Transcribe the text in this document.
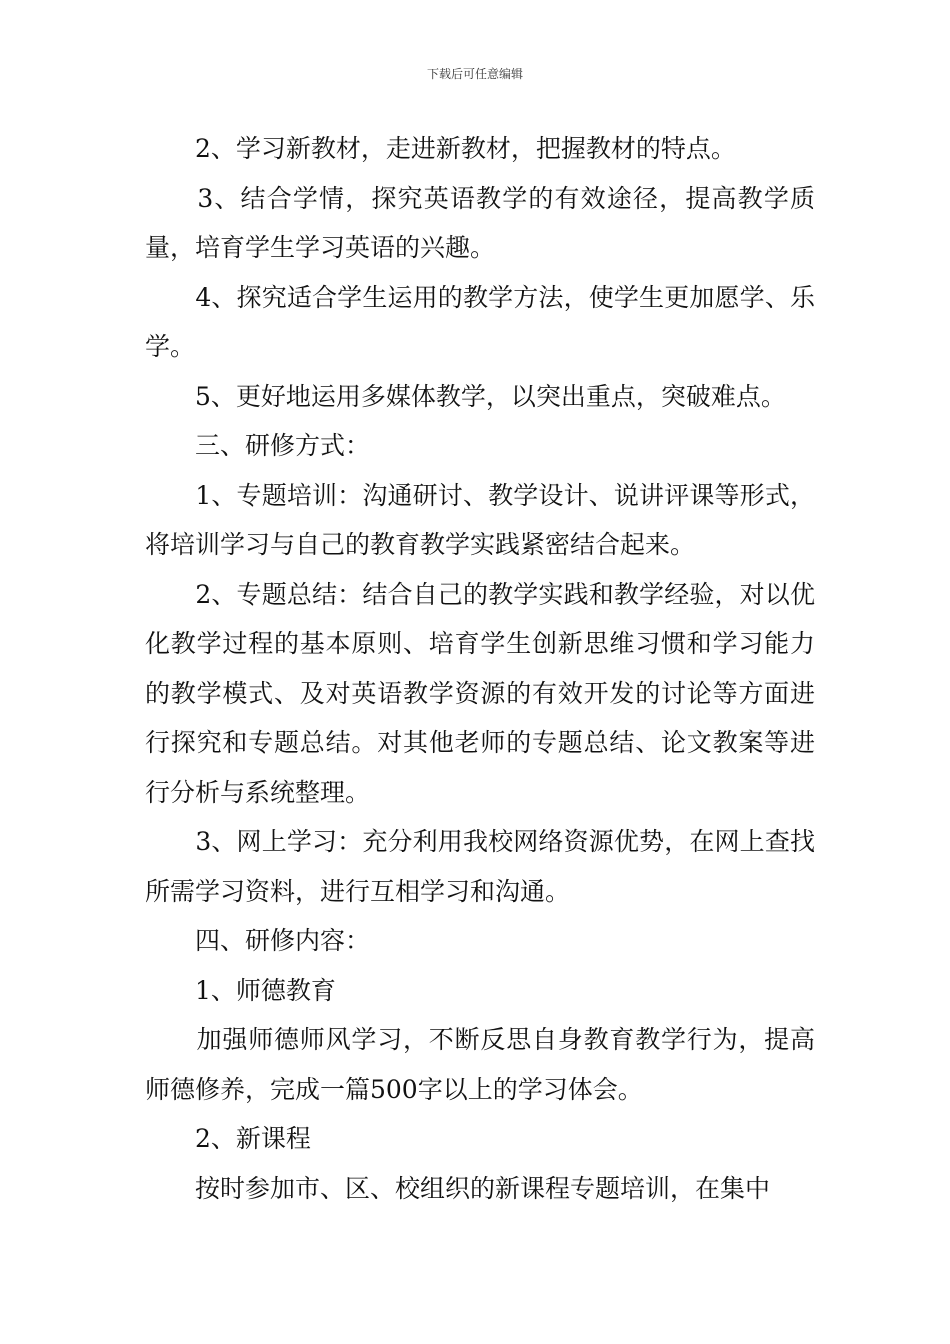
下载后可任意编辑

　　2、学习新教材，走进新教材，把握教材的特点。

　　3、结合学情，探究英语教学的有效途径，提高教学质量，培育学生学习英语的兴趣。

　　4、探究适合学生运用的教学方法，使学生更加愿学、乐学。

　　5、更好地运用多媒体教学，以突出重点，突破难点。

　　三、研修方式：

　　1、专题培训：沟通研讨、教学设计、说讲评课等形式，将培训学习与自己的教育教学实践紧密结合起来。

　　2、专题总结：结合自己的教学实践和教学经验，对以优化教学过程的基本原则、培育学生创新思维习惯和学习能力的教学模式、及对英语教学资源的有效开发的讨论等方面进行探究和专题总结。对其他老师的专题总结、论文教案等进行分析与系统整理。

　　3、网上学习：充分利用我校网络资源优势，在网上查找所需学习资料，进行互相学习和沟通。

　　四、研修内容：

　　1、师德教育

　　加强师德师风学习，不断反思自身教育教学行为，提高师德修养，完成一篇500字以上的学习体会。

　　2、新课程

　　按时参加市、区、校组织的新课程专题培训，在集中
